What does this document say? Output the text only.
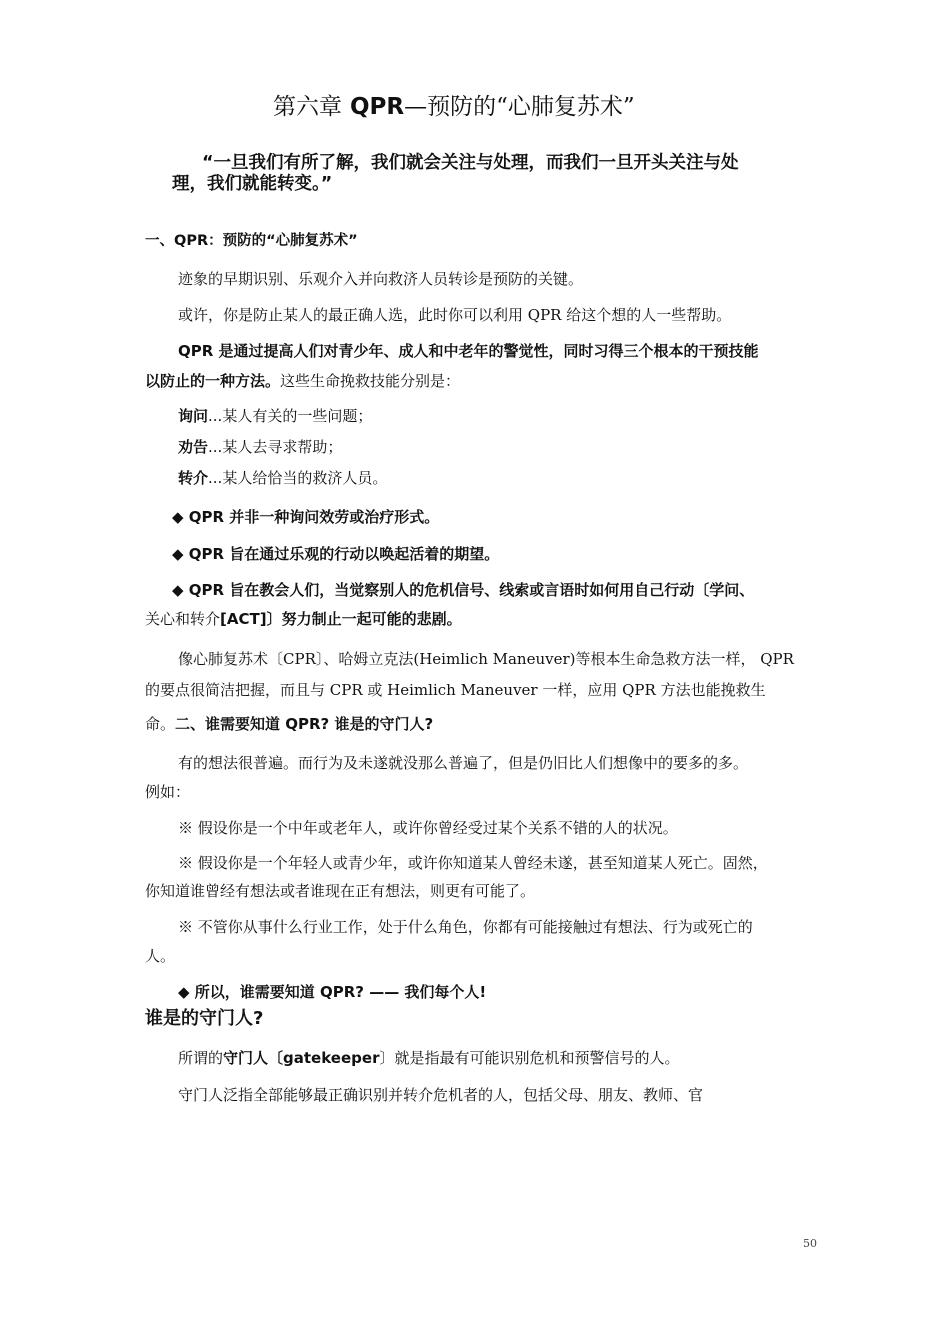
第六章 QPR—预防的“心肺复苏术”
“一旦我们有所了解，我们就会关注与处理，而我们一旦开头关注与处
理，我们就能转变。”
一、QPR：预防的“心肺复苏术”
迹象的早期识别、乐观介入并向救济人员转诊是预防的关键。
或许，你是防止某人的最正确人选，此时你可以利用 QPR 给这个想的人一些帮助。
QPR 是通过提高人们对青少年、成人和中老年的警觉性，同时习得三个根本的干预技能
以防止的一种方法。这些生命挽救技能分别是：
询问...某人有关的一些问题；
劝告...某人去寻求帮助；
转介...某人给恰当的救济人员。
◆ QPR 并非一种询问效劳或治疗形式。
◆ QPR 旨在通过乐观的行动以唤起活着的期望。
◆ QPR 旨在教会人们，当觉察别人的危机信号、线索或言语时如何用自己行动〔学问、
关心和转介[ACT]〕努力制止一起可能的悲剧。
像心肺复苏术〔CPR〕、哈姆立克法(Heimlich Maneuver)等根本生命急救方法一样， QPR
的要点很简洁把握，而且与 CPR 或 Heimlich Maneuver 一样，应用 QPR 方法也能挽救生
命。二、谁需要知道 QPR? 谁是的守门人?
有的想法很普遍。而行为及未遂就没那么普遍了，但是仍旧比人们想像中的要多的多。
例如：
※ 假设你是一个中年或老年人，或许你曾经受过某个关系不错的人的状况。
※ 假设你是一个年轻人或青少年，或许你知道某人曾经未遂，甚至知道某人死亡。固然，
你知道谁曾经有想法或者谁现在正有想法，则更有可能了。
※ 不管你从事什么行业工作，处于什么角色，你都有可能接触过有想法、行为或死亡的
人。
◆ 所以，谁需要知道 QPR? —— 我们每个人!
谁是的守门人?
所谓的守门人〔gatekeeper〕就是指最有可能识别危机和预警信号的人。
守门人泛指全部能够最正确识别并转介危机者的人，包括父母、朋友、教师、官
50
